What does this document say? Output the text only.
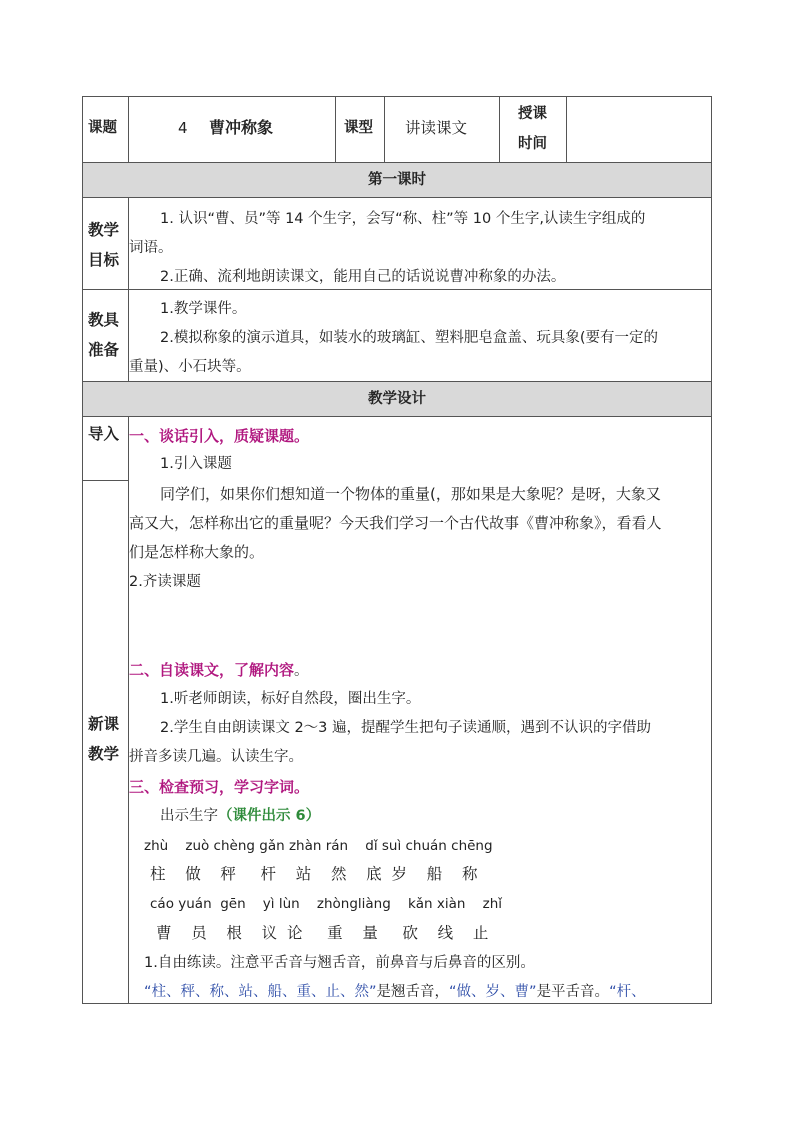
课题	4 曹冲称象	课型 讲读课文
授课
时间
第一课时
教学
目标
1. 认识“曹、员”等 14 个生字，会写“称、柱”等 10 个生字,认读生字组成的
词语。
2.正确、流利地朗读课文，能用自己的话说说曹冲称象的办法。
教具
准备
1.教学课件。
2.模拟称象的演示道具，如装水的玻璃缸、塑料肥皂盒盖、玩具象(要有一定的
重量)、小石块等。
教学设计
导入
新课
教学
一、谈话引入，质疑课题。
1.引入课题
同学们，如果你们想知道一个物体的重量(，那如果是大象呢？是呀，大象又
高又大，怎样称出它的重量呢？今天我们学习一个古代故事《曹冲称象》，看看人
们是怎样称大象的。
2.齐读课题
二、自读课文，了解内容。
1.听老师朗读，标好自然段，圈出生字。
2.学生自由朗读课文 2～3 遍，提醒学生把句子读通顺，遇到不认识的字借助
拼音多读几遍。认读生字。
三、检查预习，学习字词。
出示生字（课件出示 6）
zhù    zuò chèng gǎn zhàn rán    dǐ suì chuán chēng
柱    做    秤     杆    站    然    底  岁    船    称
cáo yuán  gēn    yì lùn    zhòngliàng    kǎn xiàn    zhǐ
曹    员    根    议  论     重    量     砍    线    止
1.自由练读。注意平舌音与翘舌音，前鼻音与后鼻音的区别。
“柱、秤、称、站、船、重、止、然”是翘舌音，“做、岁、曹”是平舌音。“杆、
